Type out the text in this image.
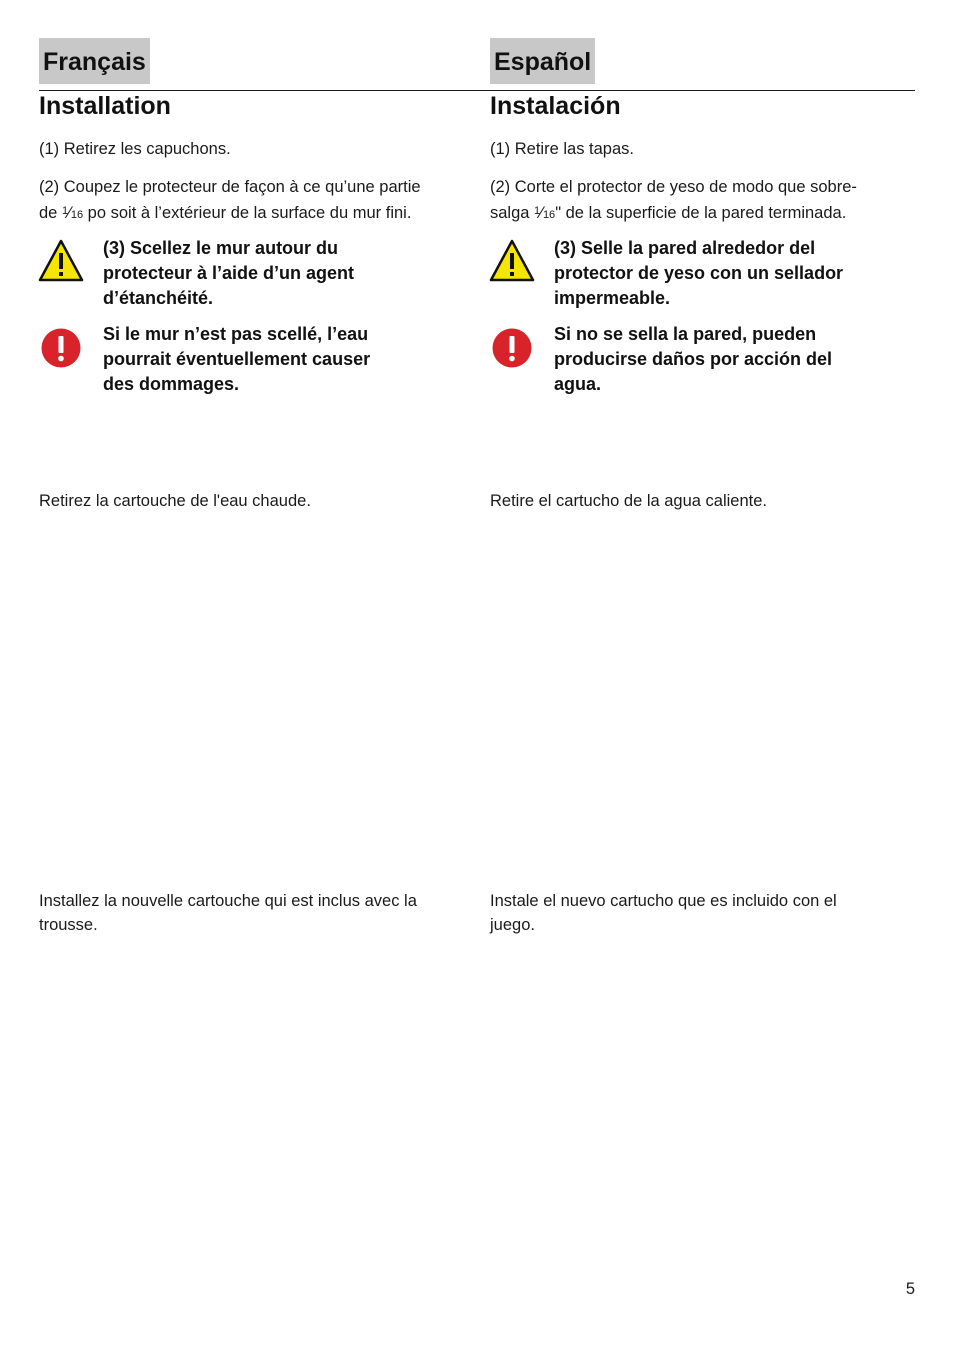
Français	Español
Installation	Instalación

(1) Retirez les capuchons.	(1) Retire las tapas.

(2) Coupez le protecteur de façon à ce qu’une partie
de $^1$⁄16 po soit à l’extérieur de la surface du mur fini.
(2) Corte el protector de yeso de modo que sobre-
salga $^1$⁄16" de la superficie de la pared terminada.
(3) Scellez le mur autour du
protecteur à l’aide d’un agent
d’étanchéité.
(3) Selle la pared alrededor del
protector de yeso con un sellador
impermeable.
Si le mur n’est pas scellé, l’eau
pourrait éventuellement causer
des dommages.
Si no se sella la pared, pueden
producirse daños por acción del
agua.

Retirez la cartouche de l'eau chaude.	Retire el cartucho de la agua caliente.

Installez la nouvelle cartouche qui est inclus avec la
trousse.
Instale el nuevo cartucho que es incluido con el
juego.
5
